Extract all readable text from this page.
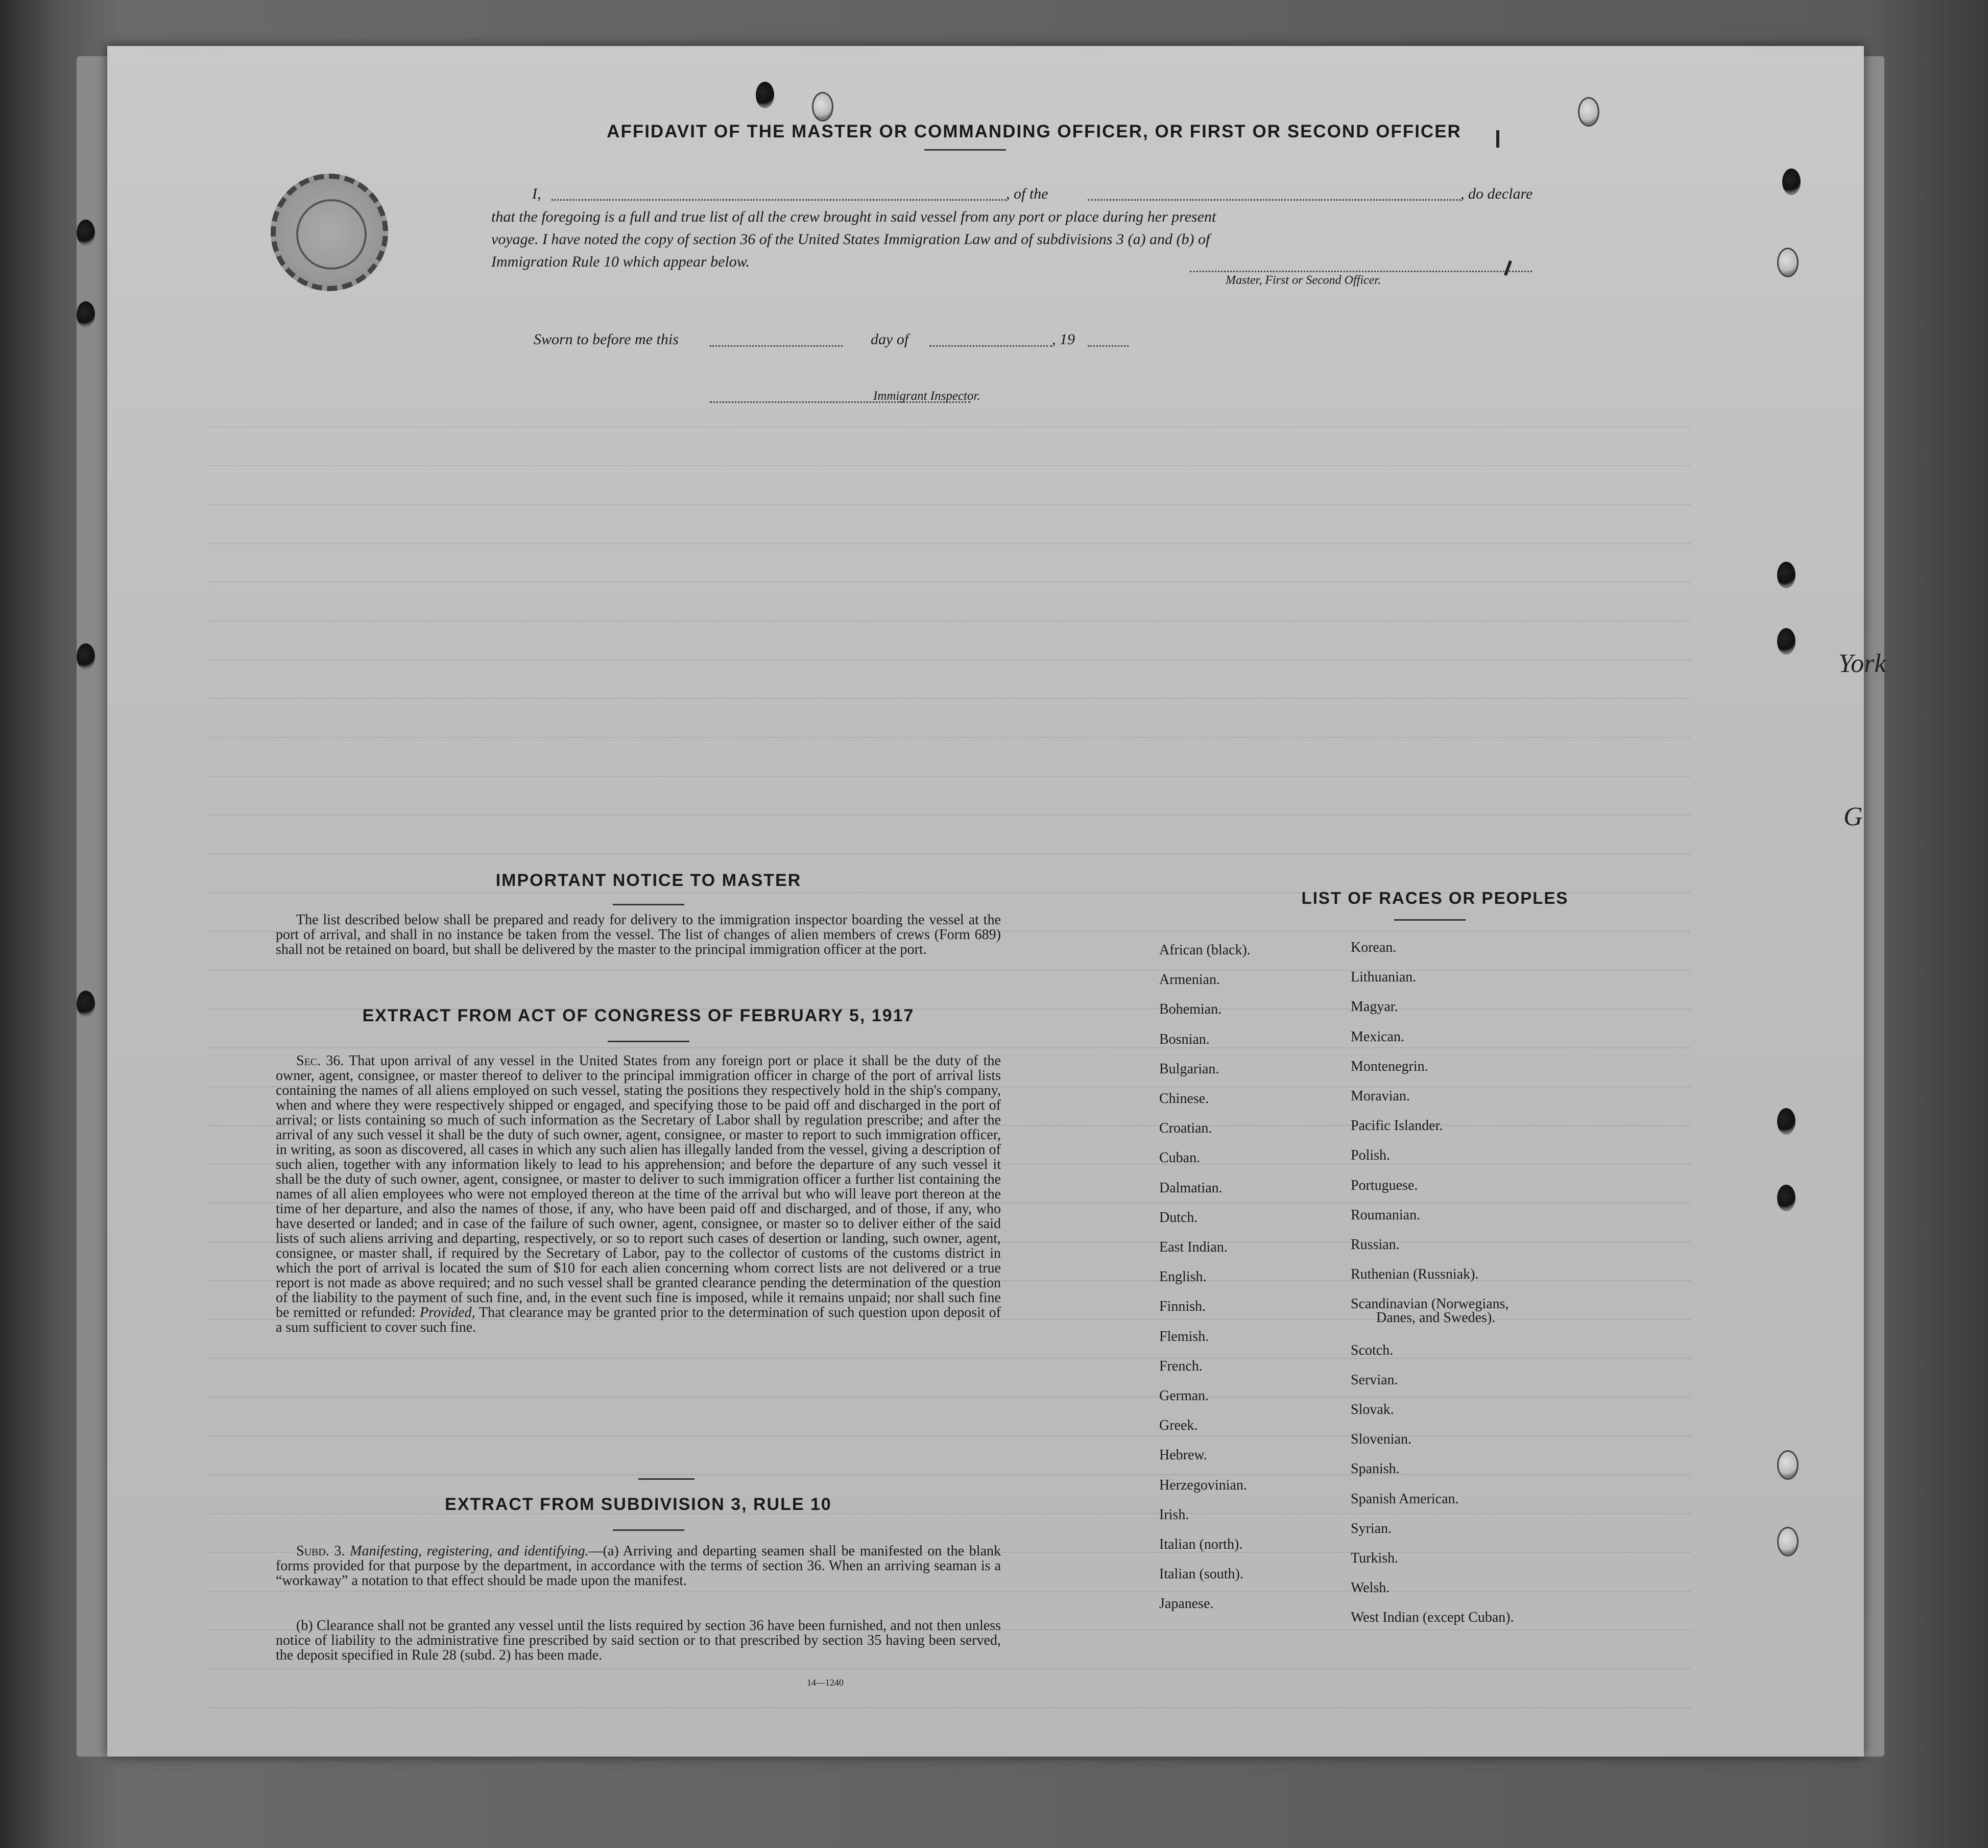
AFFIDAVIT OF THE MASTER OR COMMANDING OFFICER, OR FIRST OR SECOND OFFICER
I,	, of the	, do declare
that the foregoing is a full and true list of all the crew brought in said vessel from any port or place during her present
voyage. I have noted the copy of section 36 of the United States Immigration Law and of subdivisions 3 (a) and (b) of
Immigration Rule 10 which appear below.
Master, First or Second Officer.
Sworn to before me this	day of	, 19
Immigrant Inspector.
IMPORTANT NOTICE TO MASTER
The list described below shall be prepared and ready for delivery to the immigration inspector boarding the vessel at the port of arrival, and shall in no instance be taken from the vessel. The list of changes of alien members of crews (Form 689) shall not be retained on board, but shall be delivered by the master to the principal immigration officer at the port.
EXTRACT FROM ACT OF CONGRESS OF FEBRUARY 5, 1917
Sec. 36. That upon arrival of any vessel in the United States from any foreign port or place it shall be the duty of the owner, agent, consignee, or master thereof to deliver to the principal immigration officer in charge of the port of arrival lists containing the names of all aliens employed on such vessel, stating the positions they respectively hold in the ship's company, when and where they were respectively shipped or engaged, and specifying those to be paid off and discharged in the port of arrival; or lists containing so much of such information as the Secretary of Labor shall by regulation prescribe; and after the arrival of any such vessel it shall be the duty of such owner, agent, consignee, or master to report to such immigration officer, in writing, as soon as discovered, all cases in which any such alien has illegally landed from the vessel, giving a description of such alien, together with any information likely to lead to his apprehension; and before the departure of any such vessel it shall be the duty of such owner, agent, consignee, or master to deliver to such immigration officer a further list containing the names of all alien employees who were not employed thereon at the time of the arrival but who will leave port thereon at the time of her departure, and also the names of those, if any, who have been paid off and discharged, and of those, if any, who have deserted or landed; and in case of the failure of such owner, agent, consignee, or master so to deliver either of the said lists of such aliens arriving and departing, respectively, or so to report such cases of desertion or landing, such owner, agent, consignee, or master shall, if required by the Secretary of Labor, pay to the collector of customs of the customs district in which the port of arrival is located the sum of $10 for each alien concerning whom correct lists are not delivered or a true report is not made as above required; and no such vessel shall be granted clearance pending the determination of the question of the liability to the payment of such fine, and, in the event such fine is imposed, while it remains unpaid; nor shall such fine be remitted or refunded: Provided, That clearance may be granted prior to the determination of such question upon deposit of a sum sufficient to cover such fine.
EXTRACT FROM SUBDIVISION 3, RULE 10
Subd. 3. Manifesting, registering, and identifying.—(a) Arriving and departing seamen shall be manifested on the blank forms provided for that purpose by the department, in accordance with the terms of section 36. When an arriving seaman is a “workaway” a notation to that effect should be made upon the manifest.
(b) Clearance shall not be granted any vessel until the lists required by section 36 have been furnished, and not then unless notice of liability to the administrative fine prescribed by said section or to that prescribed by section 35 having been served, the deposit specified in Rule 28 (subd. 2) has been made.
14—1240
LIST OF RACES OR PEOPLES
African (black).
Armenian.
Bohemian.
Bosnian.
Bulgarian.
Chinese.
Croatian.
Cuban.
Dalmatian.
Dutch.
East Indian.
English.
Finnish.
Flemish.
French.
German.
Greek.
Hebrew.
Herzegovinian.
Irish.
Italian (north).
Italian (south).
Japanese.
Korean.
Lithuanian.
Magyar.
Mexican.
Montenegrin.
Moravian.
Pacific Islander.
Polish.
Portuguese.
Roumanian.
Russian.
Ruthenian (Russniak).
Scandinavian (Norwegians,
Danes, and Swedes).
Scotch.
Servian.
Slovak.
Slovenian.
Spanish.
Spanish American.
Syrian.
Turkish.
Welsh.
West Indian (except Cuban).
York
G
